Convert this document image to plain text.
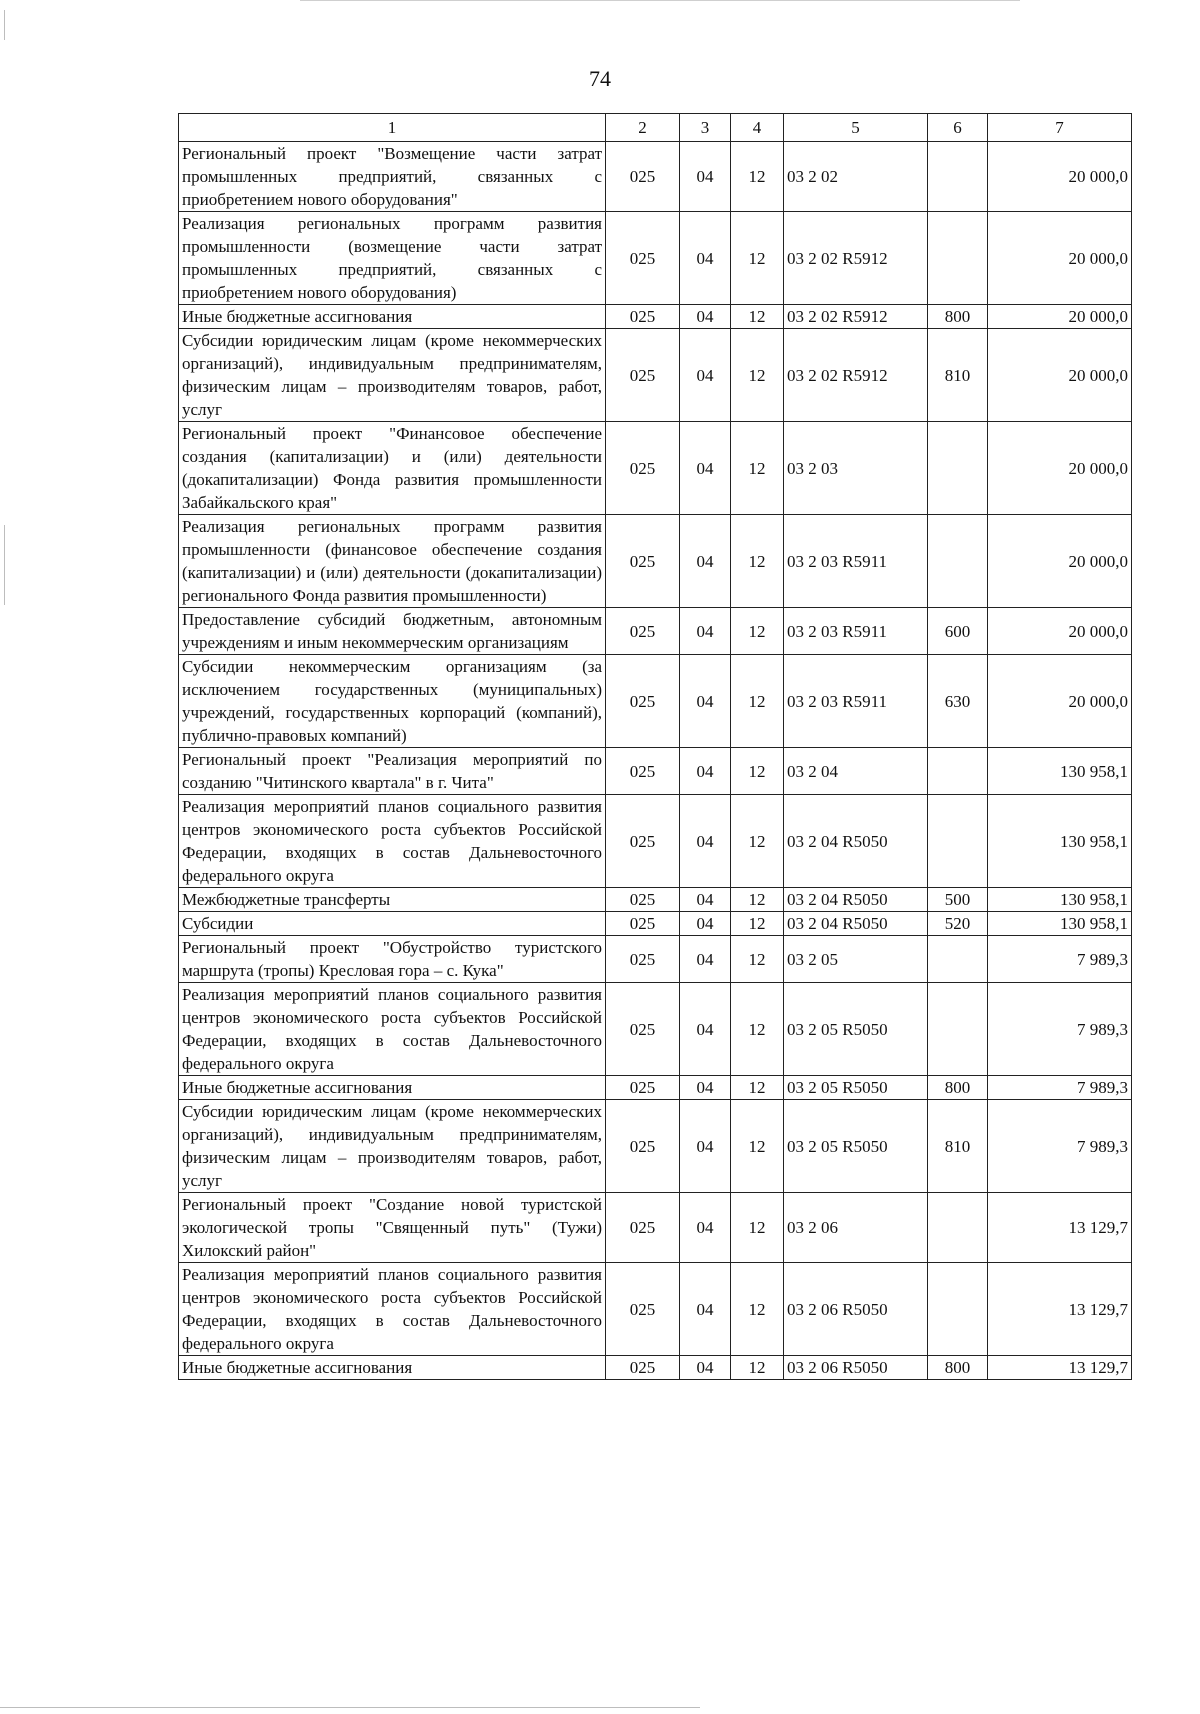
74
1	2	3	4	5	6	7
Региональный проект "Возмещение части затрат промышленных предприятий, связанных с приобретением нового оборудования"	025	04	12	03 2 02		20 000,0
Реализация региональных программ развития промышленности (возмещение части затрат промышленных предприятий, связанных с приобретением нового оборудования)	025	04	12	03 2 02 R5912		20 000,0
Иные бюджетные ассигнования	025	04	12	03 2 02 R5912	800	20 000,0
Субсидии юридическим лицам (кроме некоммерческих организаций), индивидуальным предпринимателям, физическим лицам – производителям товаров, работ, услуг	025	04	12	03 2 02 R5912	810	20 000,0
Региональный проект "Финансовое обеспечение создания (капитализации) и (или) деятельности (докапитализации) Фонда развития промышленности Забайкальского края"	025	04	12	03 2 03		20 000,0
Реализация региональных программ развития промышленности (финансовое обеспечение создания (капитализации) и (или) деятельности (докапитализации) регионального Фонда развития промышленности)	025	04	12	03 2 03 R5911		20 000,0
Предоставление субсидий бюджетным, автономным учреждениям и иным некоммерческим организациям	025	04	12	03 2 03 R5911	600	20 000,0
Субсидии некоммерческим организациям (за исключением государственных (муниципальных) учреждений, государственных корпораций (компаний), публично-правовых компаний)	025	04	12	03 2 03 R5911	630	20 000,0
Региональный проект "Реализация мероприятий по созданию "Читинского квартала" в г. Чита"	025	04	12	03 2 04		130 958,1
Реализация мероприятий планов социального развития центров экономического роста субъектов Российской Федерации, входящих в состав Дальневосточного федерального округа	025	04	12	03 2 04 R5050		130 958,1
Межбюджетные трансферты	025	04	12	03 2 04 R5050	500	130 958,1
Субсидии	025	04	12	03 2 04 R5050	520	130 958,1
Региональный проект "Обустройство туристского маршрута (тропы) Кресловая гора – с. Кука"	025	04	12	03 2 05		7 989,3
Реализация мероприятий планов социального развития центров экономического роста субъектов Российской Федерации, входящих в состав Дальневосточного федерального округа	025	04	12	03 2 05 R5050		7 989,3
Иные бюджетные ассигнования	025	04	12	03 2 05 R5050	800	7 989,3
Субсидии юридическим лицам (кроме некоммерческих организаций), индивидуальным предпринимателям, физическим лицам – производителям товаров, работ, услуг	025	04	12	03 2 05 R5050	810	7 989,3
Региональный проект "Создание новой туристской экологической тропы "Священный путь" (Тужи) Хилокский район"	025	04	12	03 2 06		13 129,7
Реализация мероприятий планов социального развития центров экономического роста субъектов Российской Федерации, входящих в состав Дальневосточного федерального округа	025	04	12	03 2 06 R5050		13 129,7
Иные бюджетные ассигнования	025	04	12	03 2 06 R5050	800	13 129,7
